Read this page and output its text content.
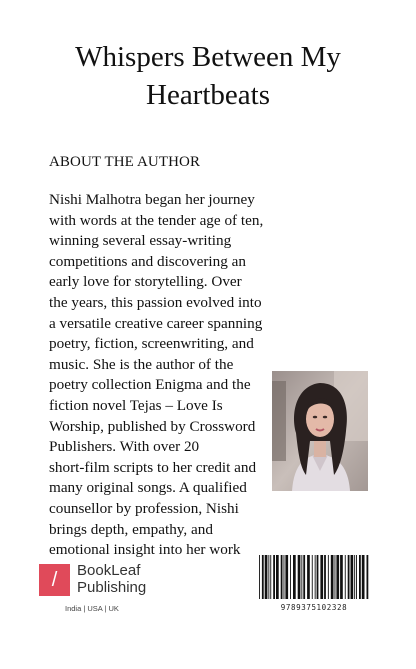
Whispers Between My
Heartbeats
ABOUT THE AUTHOR

Nishi Malhotra began her journey
with words at the tender age of ten,
winning several essay-writing
competitions and discovering an
early love for storytelling. Over
the years, this passion evolved into
a versatile creative career spanning
poetry, fiction, screenwriting, and
music. She is the author of the
poetry collection Enigma and the
fiction novel Tejas – Love Is
Worship, published by Crossword
Publishers. With over 20
short-film scripts to her credit and
many original songs. A qualified
counsellor by profession, Nishi
brings depth, empathy, and
emotional insight into her work

/	BookLeaf
Publishing
India | USA | UK	9789375102328
